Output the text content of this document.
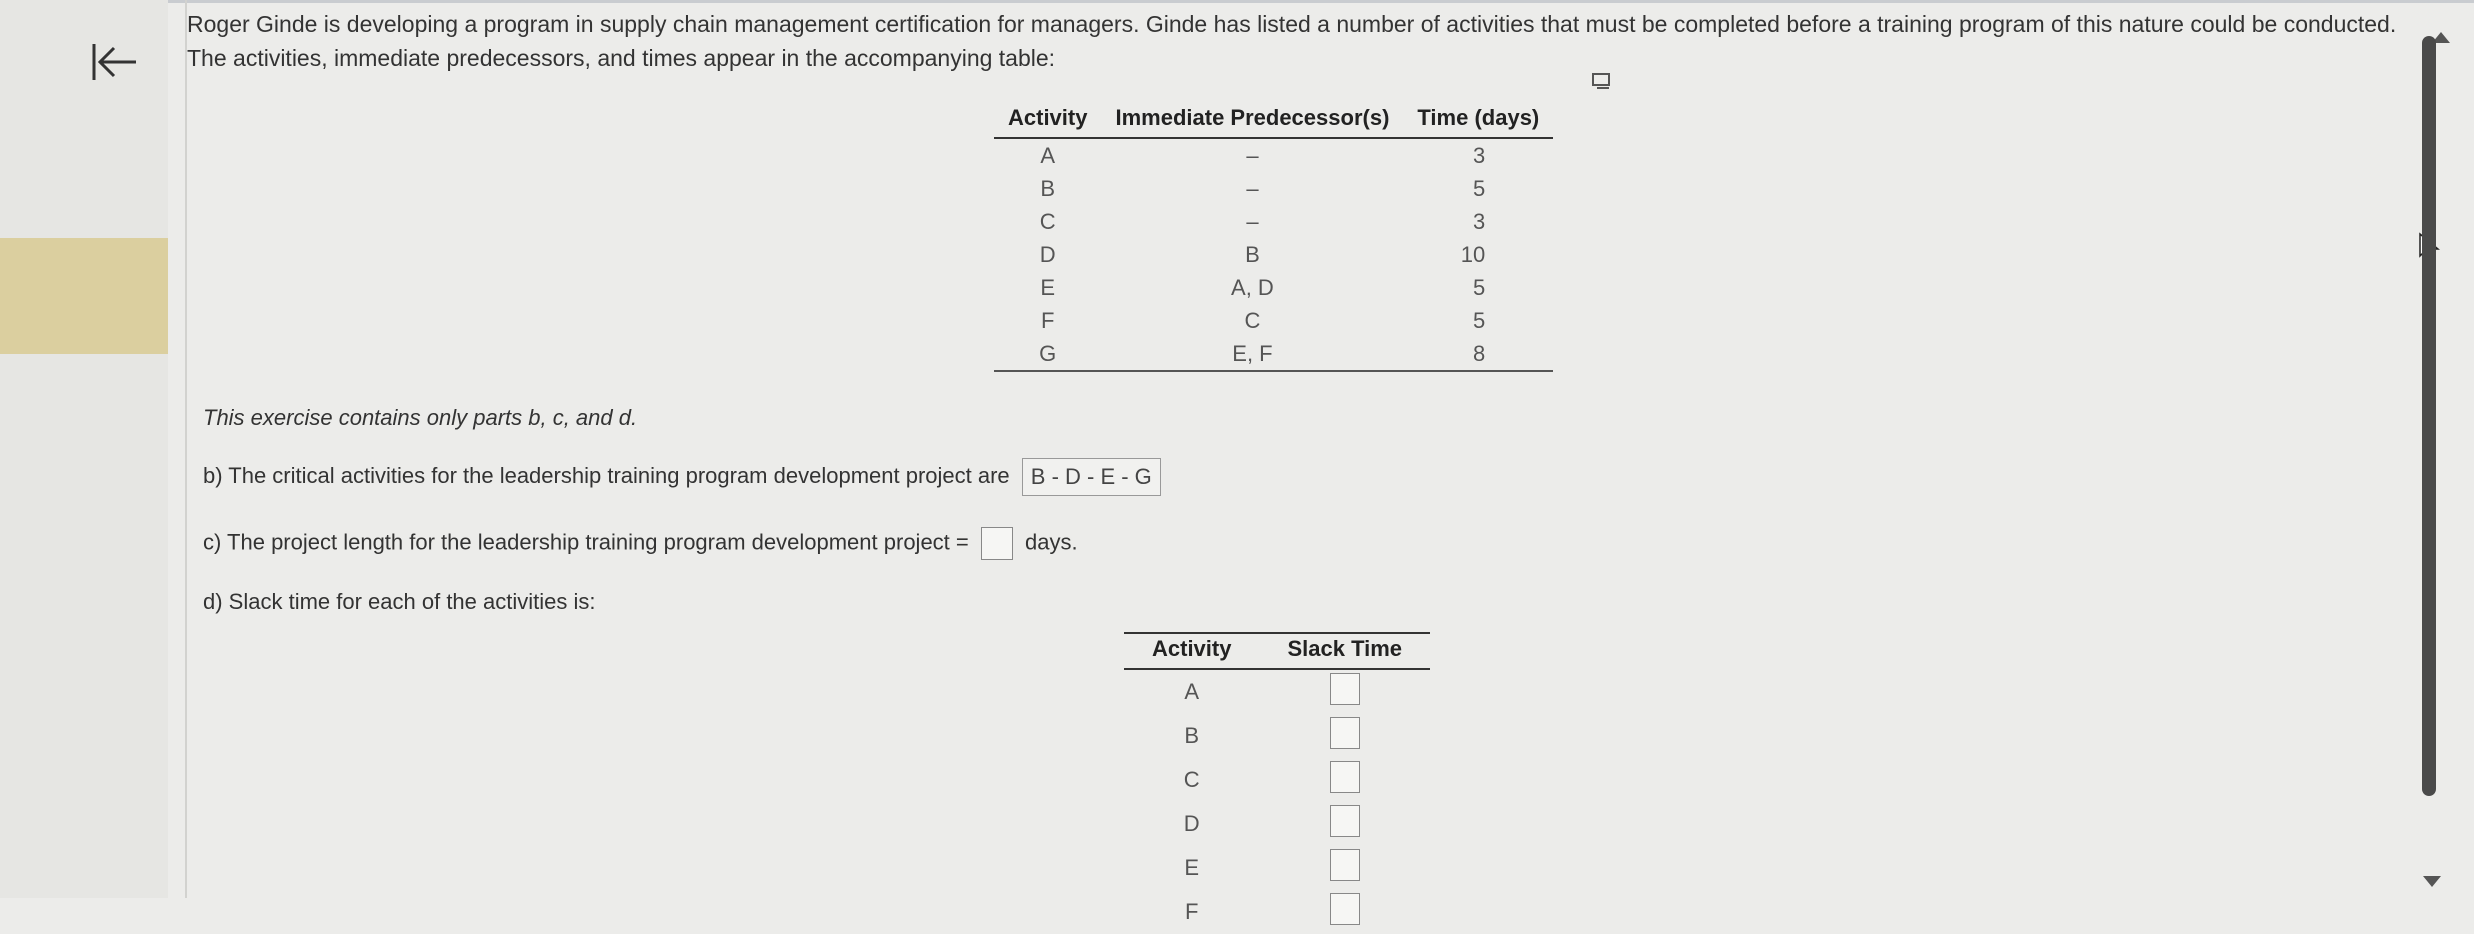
Roger Ginde is developing a program in supply chain management certification for managers. Ginde has listed a number of activities that must be completed before a training program of this nature could be conducted. The activities, immediate predecessors, and times appear in the accompanying table:
Activity	Immediate Predecessor(s)	Time (days)
A	–	3
B	–	5
C	–	3
D	B	10
E	A, D	5
F	C	5
G	E, F	8
This exercise contains only parts b, c, and d.
b) The critical activities for the leadership training program development project are B - D - E - G
c) The project length for the leadership training program development project =	days.
d) Slack time for each of the activities is:
Activity	Slack Time
A	
B	
C	
D	
E	
F	
